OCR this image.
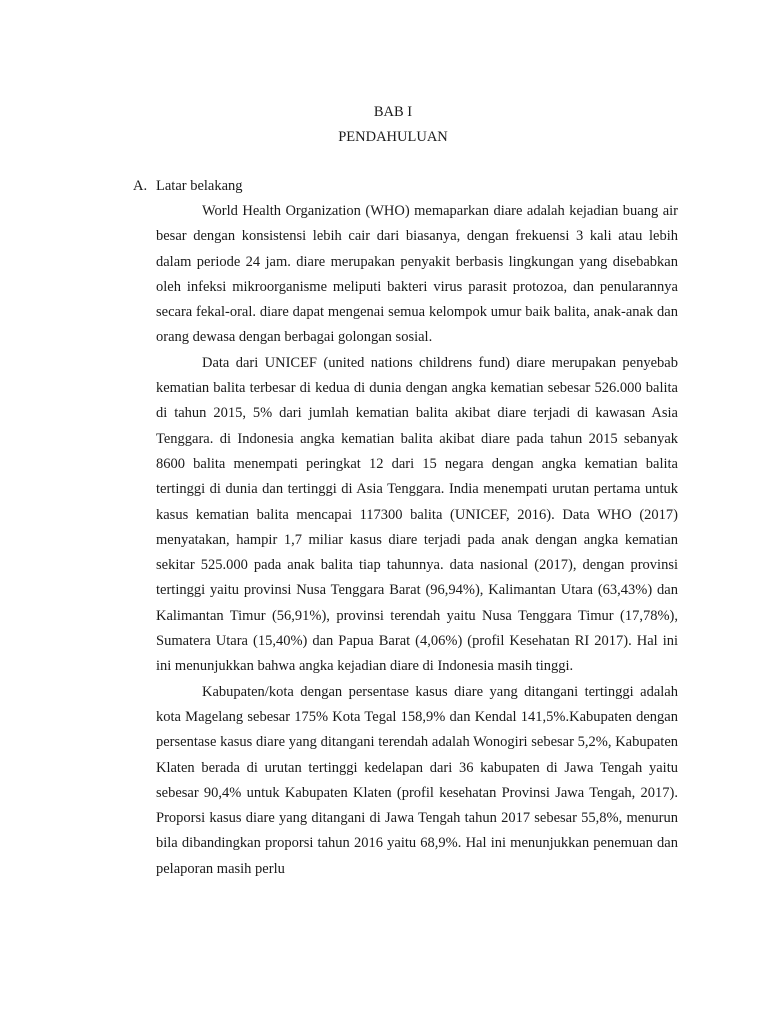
BAB I
PENDAHULUAN
A. Latar belakang

World Health Organization (WHO) memaparkan diare adalah kejadian buang air besar dengan konsistensi lebih cair dari biasanya, dengan frekuensi 3 kali atau lebih dalam periode 24 jam. diare merupakan penyakit berbasis lingkungan yang disebabkan oleh infeksi mikroorganisme meliputi bakteri virus parasit protozoa, dan penularannya secara fekal-oral. diare dapat mengenai semua kelompok umur baik balita, anak-anak dan orang dewasa dengan berbagai golongan sosial.

Data dari UNICEF (united nations childrens fund) diare merupakan penyebab kematian balita terbesar di kedua di dunia dengan angka kematian sebesar 526.000 balita di tahun 2015, 5% dari jumlah kematian balita akibat diare terjadi di kawasan Asia Tenggara. di Indonesia angka kematian balita akibat diare pada tahun 2015 sebanyak 8600 balita menempati peringkat 12 dari 15 negara dengan angka kematian balita tertinggi di dunia dan tertinggi di Asia Tenggara. India menempati urutan pertama untuk kasus kematian balita mencapai 117300 balita (UNICEF, 2016). Data WHO (2017) menyatakan, hampir 1,7 miliar kasus diare terjadi pada anak dengan angka kematian sekitar 525.000 pada anak balita tiap tahunnya. data nasional (2017), dengan provinsi tertinggi yaitu provinsi Nusa Tenggara Barat (96,94%), Kalimantan Utara (63,43%) dan Kalimantan Timur (56,91%), provinsi terendah yaitu Nusa Tenggara Timur (17,78%), Sumatera Utara (15,40%) dan Papua Barat (4,06%) (profil Kesehatan RI 2017). Hal ini ini menunjukkan bahwa angka kejadian diare di Indonesia masih tinggi.

Kabupaten/kota dengan persentase kasus diare yang ditangani tertinggi adalah kota Magelang sebesar 175% Kota Tegal 158,9% dan Kendal 141,5%.Kabupaten dengan persentase kasus diare yang ditangani terendah adalah Wonogiri sebesar 5,2%, Kabupaten Klaten berada di urutan tertinggi kedelapan dari 36 kabupaten di Jawa Tengah yaitu sebesar 90,4% untuk Kabupaten Klaten (profil kesehatan Provinsi Jawa Tengah, 2017). Proporsi kasus diare yang ditangani di Jawa Tengah tahun 2017 sebesar 55,8%, menurun bila dibandingkan proporsi tahun 2016 yaitu 68,9%. Hal ini menunjukkan penemuan dan pelaporan masih perlu
